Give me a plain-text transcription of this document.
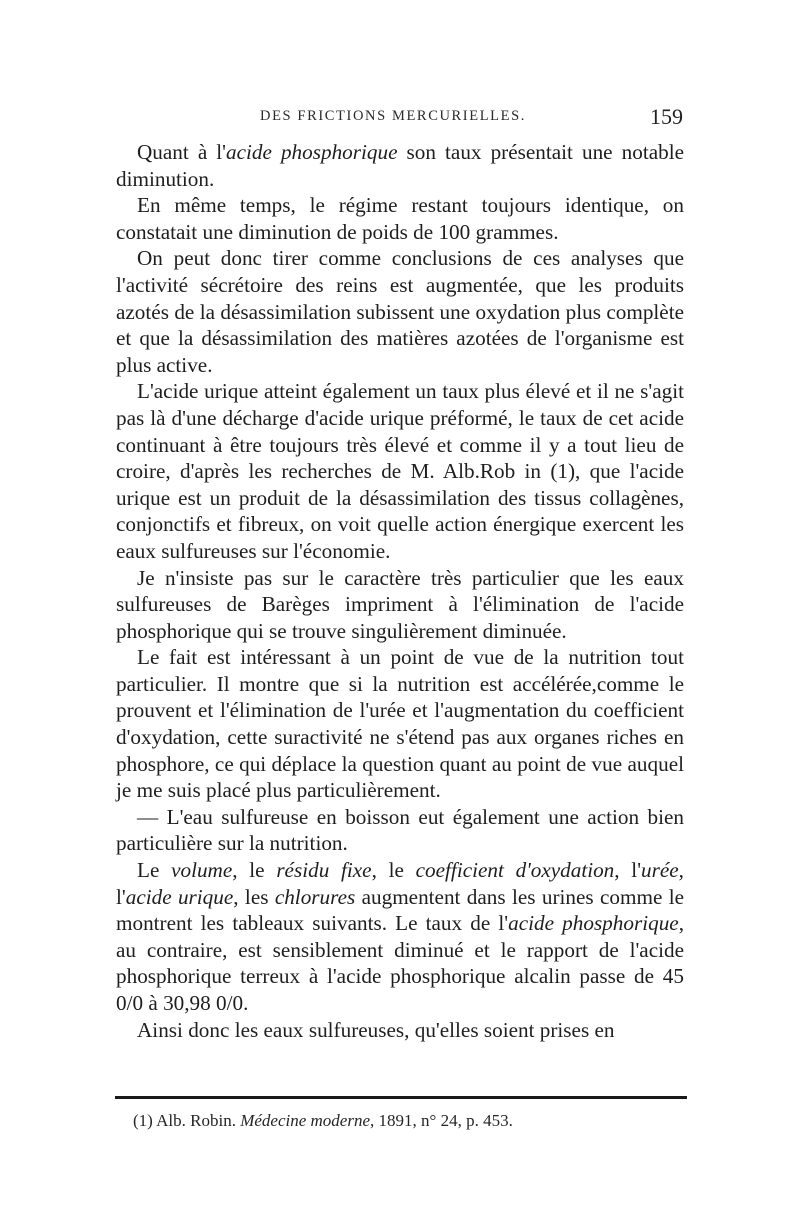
DES FRICTIONS MERCURIELLES.	159

Quant à l'acide phosphorique son taux présentait une notable diminution.

En même temps, le régime restant toujours identique, on constatait une diminution de poids de 100 grammes.

On peut donc tirer comme conclusions de ces analyses que l'activité sécrétoire des reins est augmentée, que les produits azotés de la désassimilation subissent une oxydation plus complète et que la désassimilation des matières azotées de l'organisme est plus active.

L'acide urique atteint également un taux plus élevé et il ne s'agit pas là d'une décharge d'acide urique préformé, le taux de cet acide continuant à être toujours très élevé et comme il y a tout lieu de croire, d'après les recherches de M. Alb.Rob in (1), que l'acide urique est un produit de la désassimilation des tissus collagènes, conjonctifs et fibreux, on voit quelle action énergique exercent les eaux sulfureuses sur l'économie.

Je n'insiste pas sur le caractère très particulier que les eaux sulfureuses de Barèges impriment à l'élimination de l'acide phosphorique qui se trouve singulièrement diminuée.

Le fait est intéressant à un point de vue de la nutrition tout particulier. Il montre que si la nutrition est accélérée,comme le prouvent et l'élimination de l'urée et l'augmentation du coefficient d'oxydation, cette suractivité ne s'étend pas aux organes riches en phosphore, ce qui déplace la question quant au point de vue auquel je me suis placé plus particulièrement.

— L'eau sulfureuse en boisson eut également une action bien particulière sur la nutrition.

Le volume, le résidu fixe, le coefficient d'oxydation, l'urée, l'acide urique, les chlorures augmentent dans les urines comme le montrent les tableaux suivants. Le taux de l'acide phosphorique, au contraire, est sensiblement diminué et le rapport de l'acide phosphorique terreux à l'acide phosphorique alcalin passe de 45 0/0 à 30,98 0/0.

Ainsi donc les eaux sulfureuses, qu'elles soient prises en

(1) Alb. Robin. Médecine moderne, 1891, n° 24, p. 453.
